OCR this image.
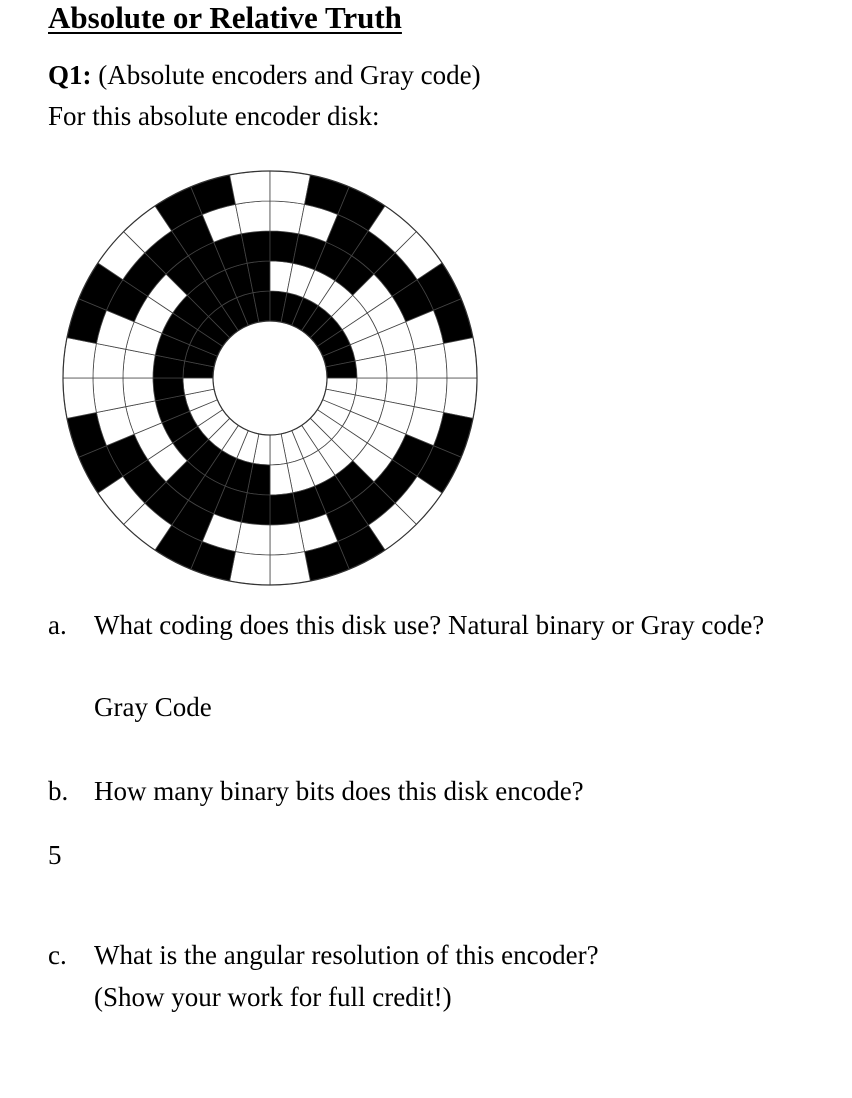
Absolute or Relative Truth
Q1: (Absolute encoders and Gray code)
For this absolute encoder disk:
a. What coding does this disk use? Natural binary or Gray code?
Gray Code
b. How many binary bits does this disk encode?
5
c. What is the angular resolution of this encoder?
(Show your work for full credit!)
